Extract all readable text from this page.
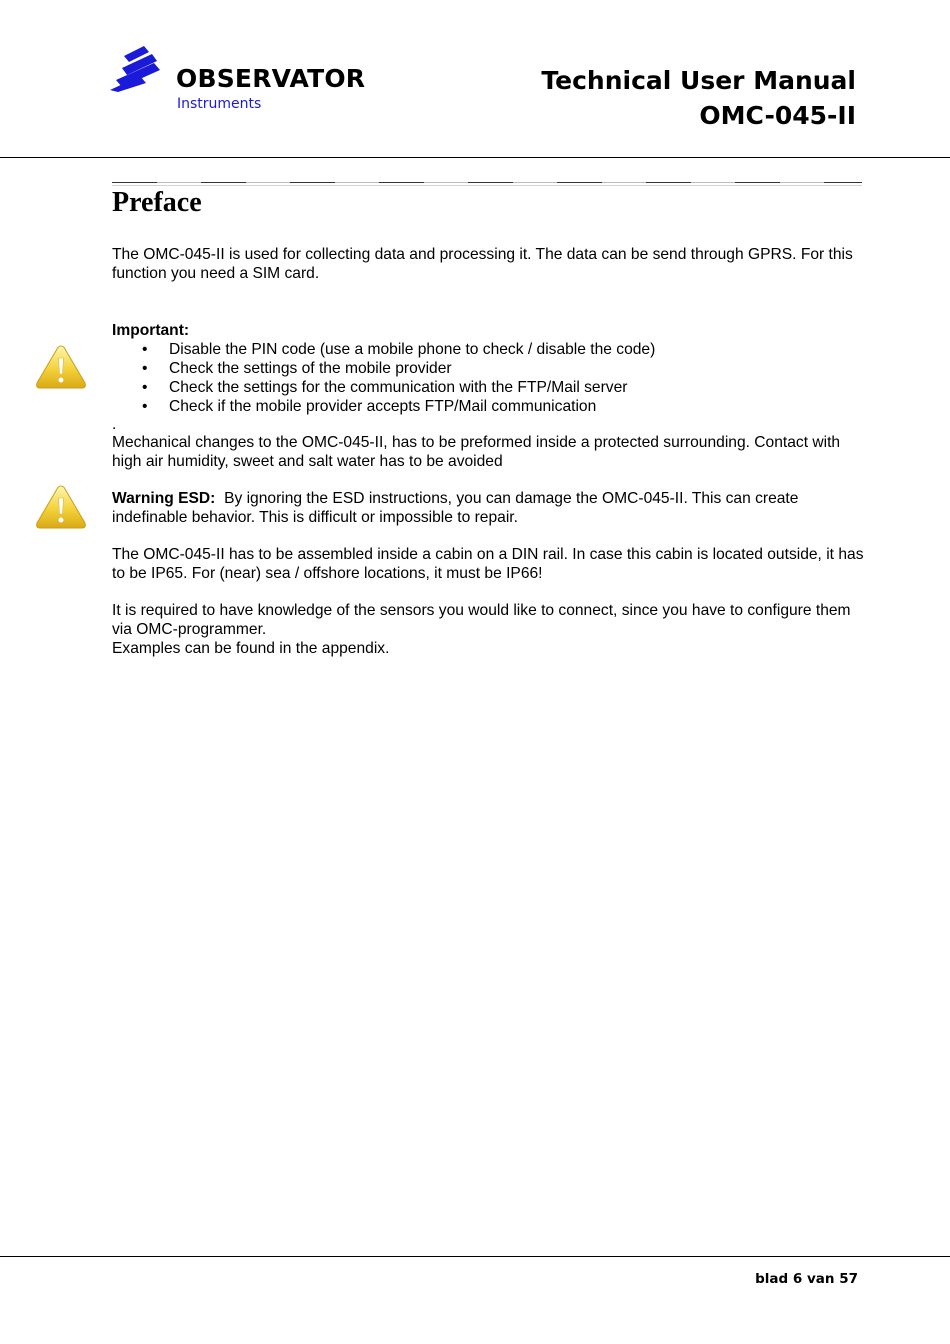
OBSERVATOR
Instruments
Technical User Manual
OMC-045-II
Preface

The OMC-045-II is used for collecting data and processing it. The data can be send through GPRS. For this function you need a SIM card.

Important:

• Disable the PIN code (use a mobile phone to check / disable the code)
• Check the settings of the mobile provider
• Check the settings for the communication with the FTP/Mail server
• Check if the mobile provider accepts FTP/Mail communication

.

Mechanical changes to the OMC-045-II, has to be preformed inside a protected surrounding. Contact with high air humidity, sweet and salt water has to be avoided

Warning ESD: By ignoring the ESD instructions, you can damage the OMC-045-II. This can create indefinable behavior. This is difficult or impossible to repair.

The OMC-045-II has to be assembled inside a cabin on a DIN rail. In case this cabin is located outside, it has to be IP65. For (near) sea / offshore locations, it must be IP66!

It is required to have knowledge of the sensors you would like to connect, since you have to configure them via OMC-programmer.

Examples can be found in the appendix.

blad 6 van 57
